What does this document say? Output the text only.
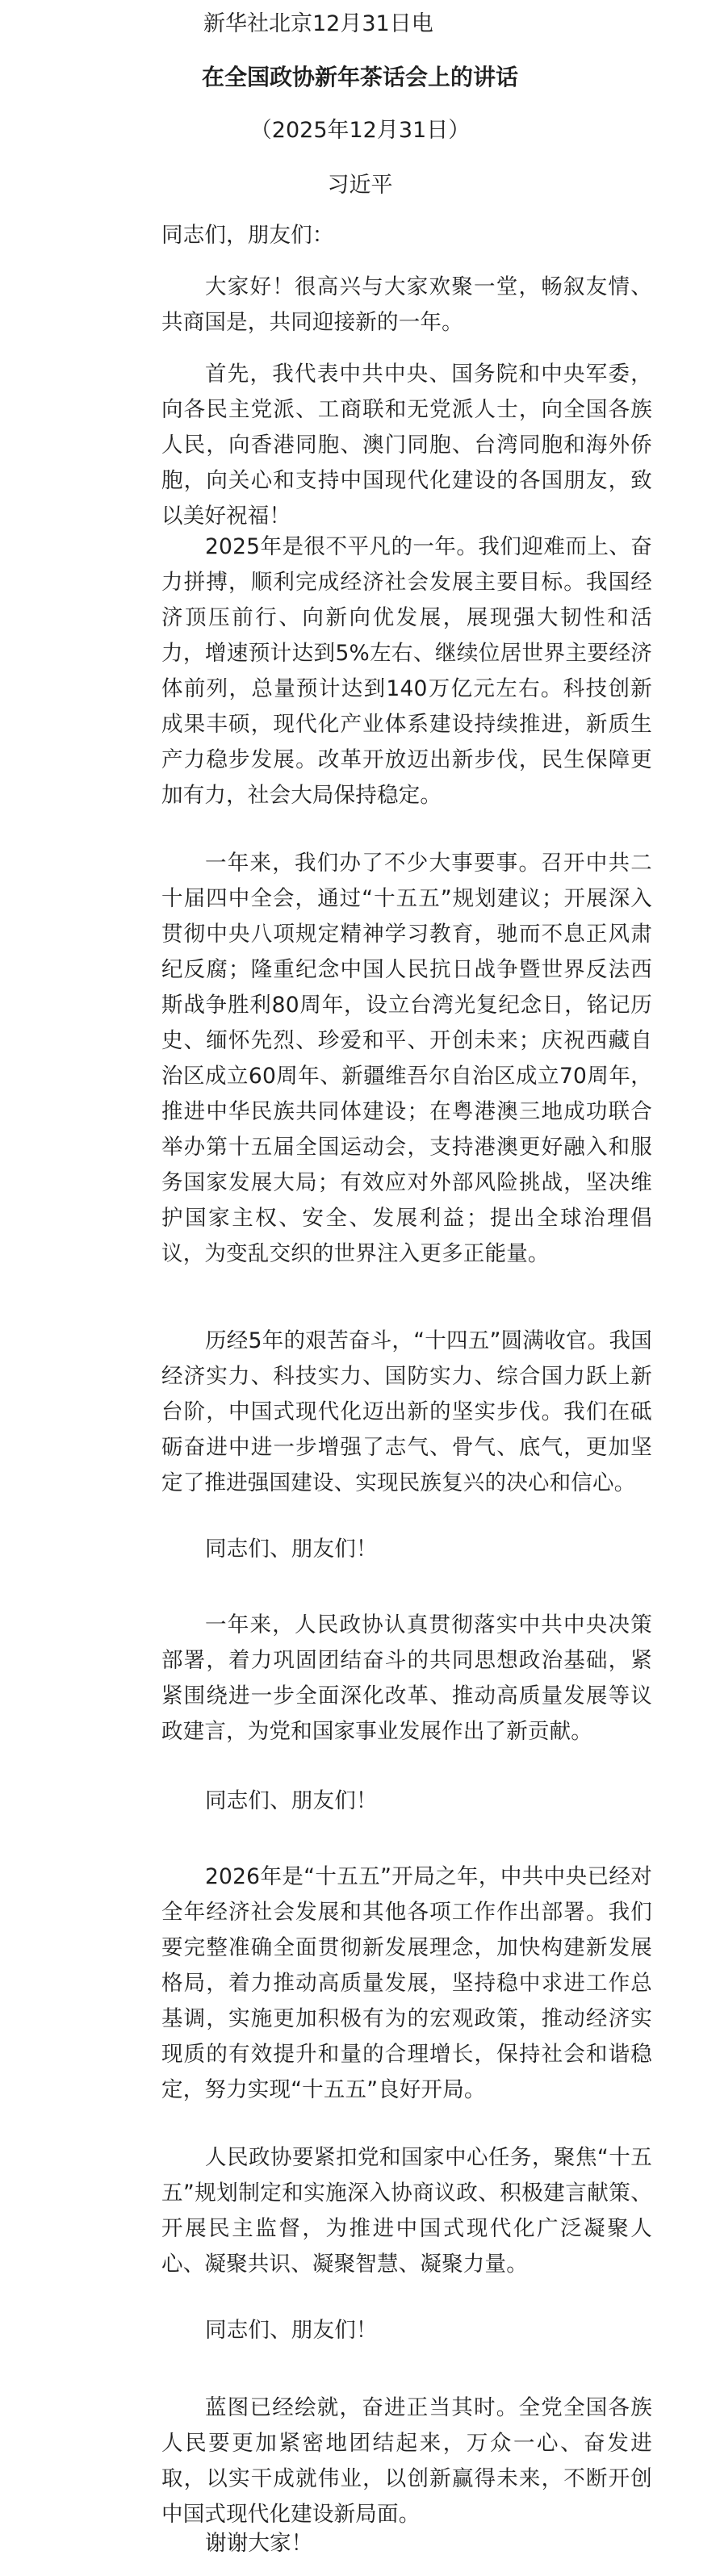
新华社北京12月31日电

在全国政协新年茶话会上的讲话

（2025年12月31日）

习近平

同志们，朋友们：

大家好！很高兴与大家欢聚一堂，畅叙友情、共商国是，共同迎接新的一年。

首先，我代表中共中央、国务院和中央军委，向各民主党派、工商联和无党派人士，向全国各族人民，向香港同胞、澳门同胞、台湾同胞和海外侨胞，向关心和支持中国现代化建设的各国朋友，致以美好祝福！

2025年是很不平凡的一年。我们迎难而上、奋力拼搏，顺利完成经济社会发展主要目标。我国经济顶压前行、向新向优发展，展现强大韧性和活力，增速预计达到5%左右、继续位居世界主要经济体前列，总量预计达到140万亿元左右。科技创新成果丰硕，现代化产业体系建设持续推进，新质生产力稳步发展。改革开放迈出新步伐，民生保障更加有力，社会大局保持稳定。

一年来，我们办了不少大事要事。召开中共二十届四中全会，通过“十五五”规划建议；开展深入贯彻中央八项规定精神学习教育，驰而不息正风肃纪反腐；隆重纪念中国人民抗日战争暨世界反法西斯战争胜利80周年，设立台湾光复纪念日，铭记历史、缅怀先烈、珍爱和平、开创未来；庆祝西藏自治区成立60周年、新疆维吾尔自治区成立70周年，推进中华民族共同体建设；在粤港澳三地成功联合举办第十五届全国运动会，支持港澳更好融入和服务国家发展大局；有效应对外部风险挑战，坚决维护国家主权、安全、发展利益；提出全球治理倡议，为变乱交织的世界注入更多正能量。

历经5年的艰苦奋斗，“十四五”圆满收官。我国经济实力、科技实力、国防实力、综合国力跃上新台阶，中国式现代化迈出新的坚实步伐。我们在砥砺奋进中进一步增强了志气、骨气、底气，更加坚定了推进强国建设、实现民族复兴的决心和信心。

同志们、朋友们！

一年来，人民政协认真贯彻落实中共中央决策部署，着力巩固团结奋斗的共同思想政治基础，紧紧围绕进一步全面深化改革、推动高质量发展等议政建言，为党和国家事业发展作出了新贡献。

同志们、朋友们！

2026年是“十五五”开局之年，中共中央已经对全年经济社会发展和其他各项工作作出部署。我们要完整准确全面贯彻新发展理念，加快构建新发展格局，着力推动高质量发展，坚持稳中求进工作总基调，实施更加积极有为的宏观政策，推动经济实现质的有效提升和量的合理增长，保持社会和谐稳定，努力实现“十五五”良好开局。

人民政协要紧扣党和国家中心任务，聚焦“十五五”规划制定和实施深入协商议政、积极建言献策、开展民主监督，为推进中国式现代化广泛凝聚人心、凝聚共识、凝聚智慧、凝聚力量。

同志们、朋友们！

蓝图已经绘就，奋进正当其时。全党全国各族人民要更加紧密地团结起来，万众一心、奋发进取，以实干成就伟业，以创新赢得未来，不断开创中国式现代化建设新局面。

谢谢大家！
